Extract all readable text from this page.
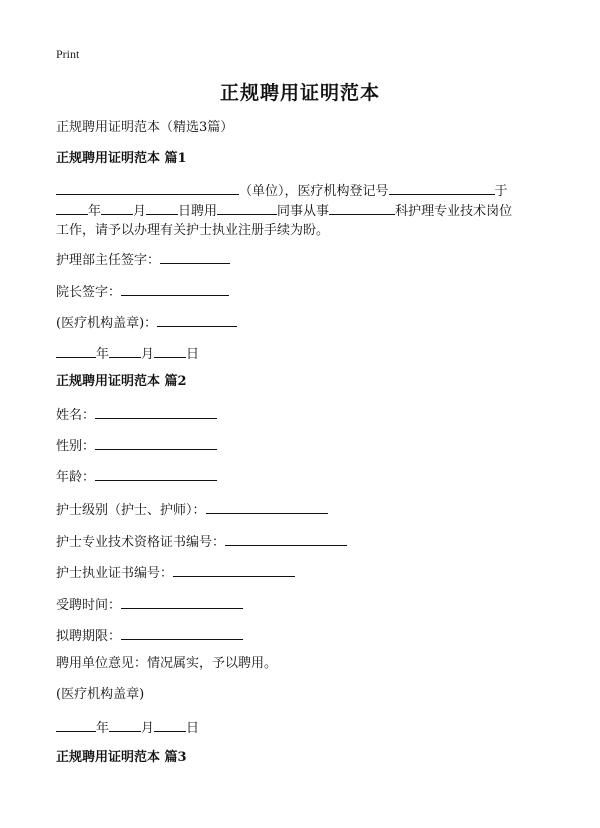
Print
正规聘用证明范本
正规聘用证明范本（精选3篇）
正规聘用证明范本 篇1
（单位），医疗机构登记号	于
年 月 日聘用	同事从事	科护理专业技术岗位
工作，请予以办理有关护士执业注册手续为盼。
护理部主任签字：
院长签字：
(医疗机构盖章)：
年 月 日
正规聘用证明范本 篇2
姓名：
性别：
年龄：
护士级别（护士、护师）：
护士专业技术资格证书编号：
护士执业证书编号：
受聘时间：
拟聘期限：
聘用单位意见：情况属实，予以聘用。
(医疗机构盖章)
年 月 日
正规聘用证明范本 篇3
